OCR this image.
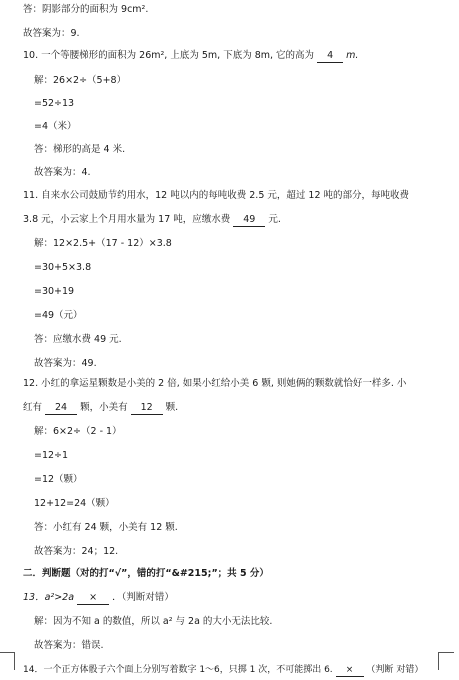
答：阴影部分的面积为 9cm².
故答案为：9.
10. 一个等腰梯形的面积为 26m², 上底为 5m, 下底为 8m, 它的高为 4 m.
解：26×2÷（5+8）
=52÷13
=4（米）
答：梯形的高是 4 米.
故答案为：4.
11. 自来水公司鼓励节约用水，12 吨以内的每吨收费 2.5 元，超过 12 吨的部分，每吨收费
3.8 元，小云家上个月用水量为 17 吨，应缴水费 49 元.
解：12×2.5+（17 - 12）×3.8
=30+5×3.8
=30+19
=49（元）
答：应缴水费 49 元.
故答案为：49.
12. 小红的拿运星颗数是小美的 2 倍, 如果小红给小美 6 颗, 则她俩的颗数就恰好一样多. 小
红有 24 颗，小美有 12 颗.
解：6×2÷（2 - 1）
=12÷1
=12（颗）
12+12=24（颗）
答：小红有 24 颗，小美有 12 颗.
故答案为：24；12.
二．判断题（对的打“√”，错的打“&#215;”；共 5 分）
13．a²>2a × ．（判断对错）
解：因为不知 a 的数值，所以 a² 与 2a 的大小无法比较.
故答案为：错误.
14．一个正方体骰子六个面上分别写着数字 1～6，只掷 1 次，不可能掷出 6. × （判断 对错）
